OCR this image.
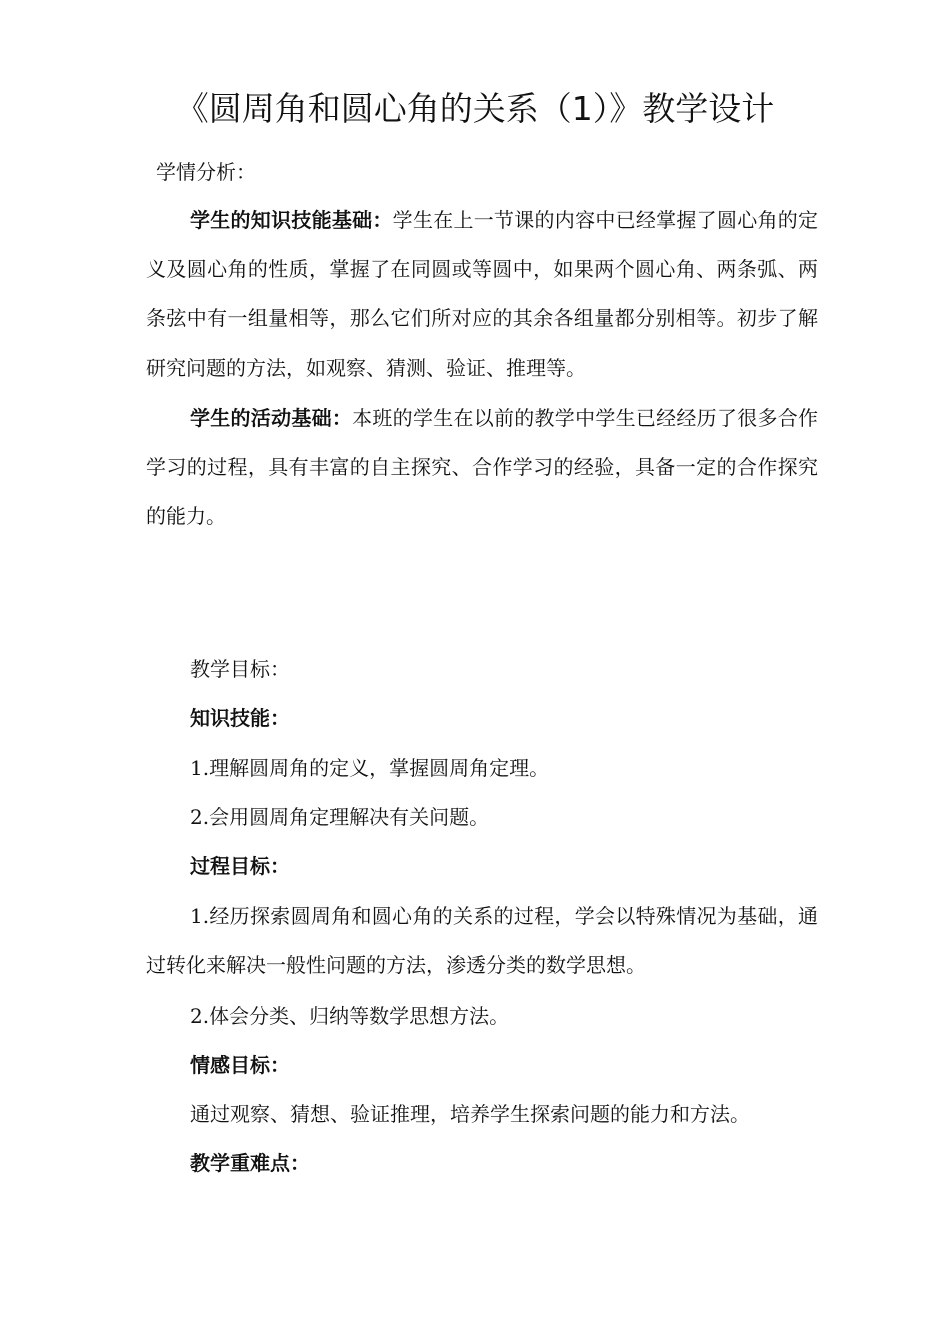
《圆周角和圆心角的关系（1）》教学设计

学情分析：

学生的知识技能基础：学生在上一节课的内容中已经掌握了圆心角的定义及圆心角的性质，掌握了在同圆或等圆中，如果两个圆心角、两条弧、两条弦中有一组量相等，那么它们所对应的其余各组量都分别相等。初步了解研究问题的方法，如观察、猜测、验证、推理等。

学生的活动基础：本班的学生在以前的教学中学生已经经历了很多合作学习的过程，具有丰富的自主探究、合作学习的经验，具备一定的合作探究的能力。

教学目标：

知识技能：

1.理解圆周角的定义，掌握圆周角定理。

2.会用圆周角定理解决有关问题。

过程目标：

1.经历探索圆周角和圆心角的关系的过程，学会以特殊情况为基础，通过转化来解决一般性问题的方法，渗透分类的数学思想。

2.体会分类、归纳等数学思想方法。

情感目标：

通过观察、猜想、验证推理，培养学生探索问题的能力和方法。

教学重难点：
